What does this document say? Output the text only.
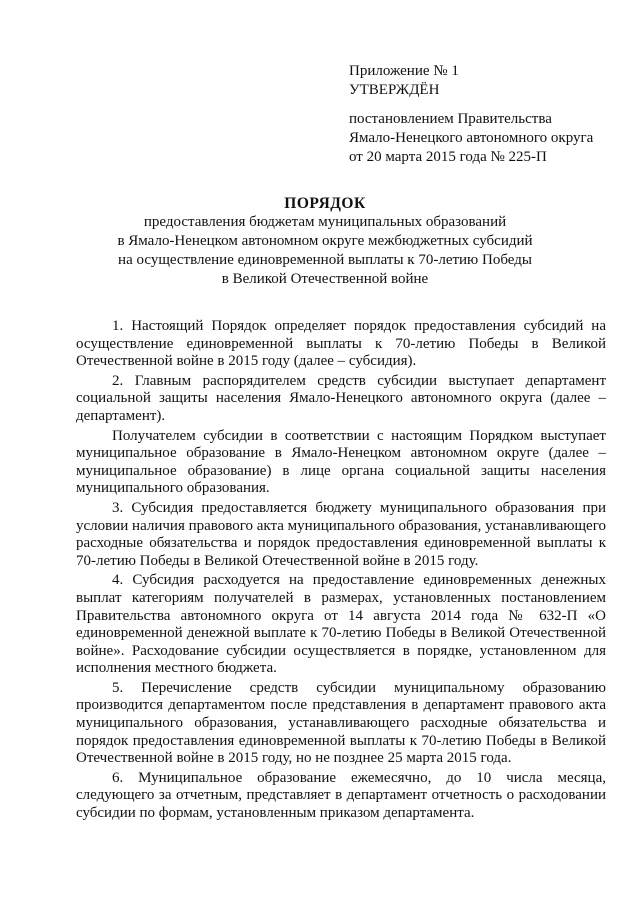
Приложение № 1
УТВЕРЖДЁН
постановлением Правительства
Ямало-Ненецкого автономного округа
от 20 марта 2015 года № 225-П
ПОРЯДОК
предоставления бюджетам муниципальных образований
в Ямало-Ненецком автономном округе межбюджетных субсидий
на осуществление единовременной выплаты к 70-летию Победы
в Великой Отечественной войне

1. Настоящий Порядок определяет порядок предоставления субсидий на осуществление единовременной выплаты к 70-летию Победы в Великой Отечественной войне в 2015 году (далее – субсидия).

2. Главным распорядителем средств субсидии выступает департамент социальной защиты населения Ямало-Ненецкого автономного округа (далее – департамент).

Получателем субсидии в соответствии с настоящим Порядком выступает муниципальное образование в Ямало-Ненецком автономном округе (далее – муниципальное образование) в лице органа социальной защиты населения муниципального образования.

3. Субсидия предоставляется бюджету муниципального образования при условии наличия правового акта муниципального образования, устанавливающего расходные обязательства и порядок предоставления единовременной выплаты к 70-летию Победы в Великой Отечественной войне в 2015 году.

4. Субсидия расходуется на предоставление единовременных денежных выплат категориям получателей в размерах, установленных постановлением Правительства автономного округа от 14 августа 2014 года № 632-П «О единовременной денежной выплате к 70-летию Победы в Великой Отечественной войне». Расходование субсидии осуществляется в порядке, установленном для исполнения местного бюджета.

5. Перечисление средств субсидии муниципальному образованию производится департаментом после представления в департамент правового акта муниципального образования, устанавливающего расходные обязательства и порядок предоставления единовременной выплаты к 70-летию Победы в Великой Отечественной войне в 2015 году, но не позднее 25 марта 2015 года.

6. Муниципальное образование ежемесячно, до 10 числа месяца, следующего за отчетным, представляет в департамент отчетность о расходовании субсидии по формам, установленным приказом департамента.
